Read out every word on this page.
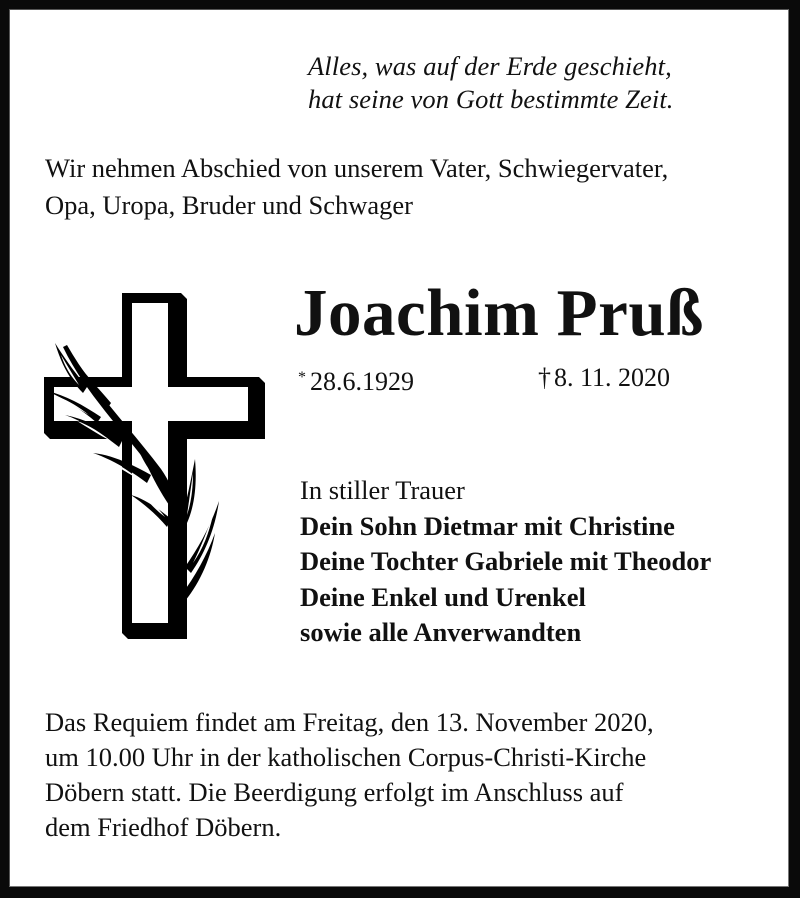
Alles, was auf der Erde geschieht,
hat seine von Gott bestimmte Zeit.
Wir nehmen Abschied von unserem Vater, Schwiegervater,
Opa, Uropa, Bruder und Schwager
Joachim Pruß
* 28.6.1929	† 8. 11. 2020
In stiller Trauer
Dein Sohn Dietmar mit Christine
Deine Tochter Gabriele mit Theodor
Deine Enkel und Urenkel
sowie alle Anverwandten
Das Requiem findet am Freitag, den 13. November 2020,
um 10.00 Uhr in der katholischen Corpus-Christi-Kirche
Döbern statt. Die Beerdigung erfolgt im Anschluss auf
dem Friedhof Döbern.
